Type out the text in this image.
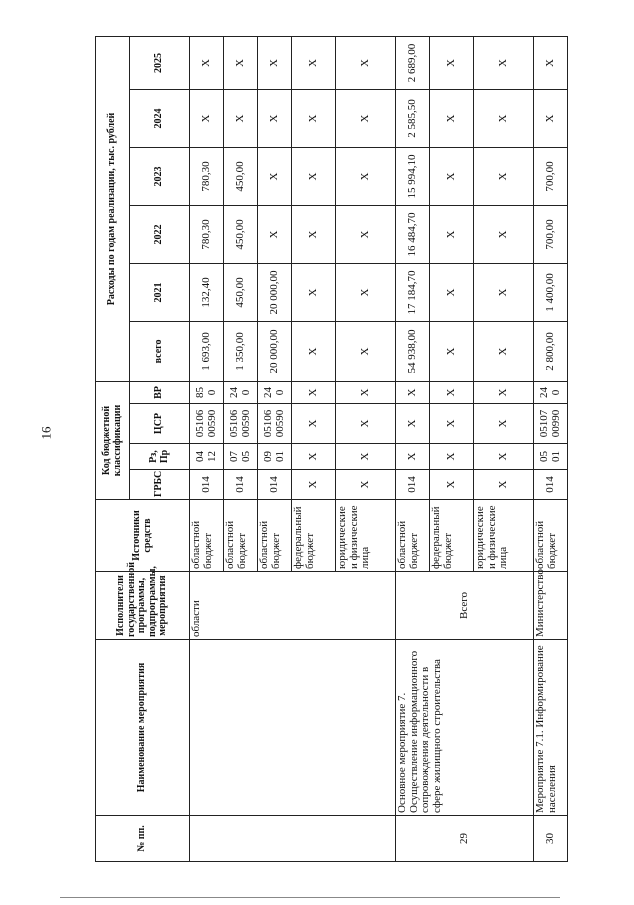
16
№ пп.	Наименование мероприятия	Исполнители государственной программы, подпрограммы, мероприятия	Источники средств	Код бюджетной классификации				Расходы по годам реализации, тыс. рублей					
				ГРБС	Рз, Пр	ЦСР	ВР	всего	2021	2022	2023	2024	2025
		области	областной бюджет	014	04 12	05106 00590	85 0	1 693,00	132,40	780,30	780,30	X	X
			областной бюджет	014	07 05	05106 00590	24 0	1 350,00	450,00	450,00	450,00	X	X
			областной бюджет	014	09 01	05106 00590	24 0	20 000,00	20 000,00	X	X	X	X
			федеральный бюджет	X	X	X	X	X	X	X	X	X	X
			юридические и физические лица	X	X	X	X	X	X	X	X	X	X
29	Основное мероприятие 7. Осуществление информационного сопровождения деятельности в сфере жилищного строительства	Всего	областной бюджет	014	X	X	X	54 938,00	17 184,70	16 484,70	15 994,10	2 585,50	2 689,00
			федеральный бюджет	X	X	X	X	X	X	X	X	X	X
			юридические и физические лица	X	X	X	X	X	X	X	X	X	X
30	Мероприятие 7.1. Информирование населения	Министерство	областной бюджет	014	05 01	05107 00990	24 0	2 800,00	1 400,00	700,00	700,00	X	X
